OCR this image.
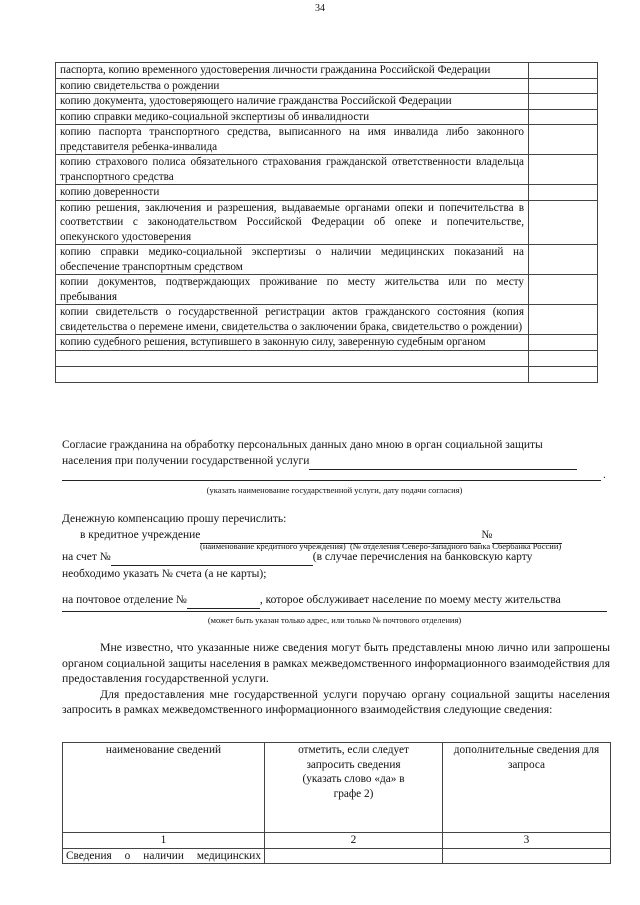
34
паспорта, копию временного удостоверения личности гражданина Российской Федерации	
копию свидетельства о рождении	
копию документа, удостоверяющего наличие гражданства Российской Федерации	
копию справки медико-социальной экспертизы об инвалидности	
копию паспорта транспортного средства, выписанного на имя инвалида либо законного представителя ребенка-инвалида	
копию страхового полиса обязательного страхования гражданской ответственности владельца транспортного средства	
копию доверенности	
копию решения, заключения и разрешения, выдаваемые органами опеки и попечительства в соответствии с законодательством Российской Федерации об опеке и попечительстве, опекунского удостоверения	
копию справки медико-социальной экспертизы о наличии медицинских показаний на обеспечение транспортным средством	
копии документов, подтверждающих проживание по месту жительства или по месту пребывания	
копии свидетельств о государственной регистрации актов гражданского состояния (копия свидетельства о перемене имени, свидетельства о заключении брака, свидетельство о рождении)	
копию судебного решения, вступившего в законную силу, заверенную судебным органом	

Согласие гражданина на обработку персональных данных дано мною в орган социальной защиты
населения при получении государственной услуги
.
(указать наименование государственной услуги, дату подачи согласия)
Денежную компенсацию прошу перечислить:
в кредитное учреждение	№
(наименование кредитного учреждения) (№ отделения Северо-Западного банка Сбербанка России)
на счет №	(в случае перечисления на банковскую карту
необходимо указать № счета (а не карты);
на почтовое отделение №	, которое обслуживает население по моему месту жительства
(может быть указан только адрес, или только № почтового отделения)

Мне известно, что указанные ниже сведения могут быть представлены мною лично или запрошены органом социальной защиты населения в рамках межведомственного информационного взаимодействия для предоставления государственной услуги.

Для предоставления мне государственной услуги поручаю органу социальной защиты населения запросить в рамках межведомственного информационного взаимодействия следующие сведения:

наименование сведений	отметить, если следует запросить сведения (указать слово «да» в графе 2)	дополнительные сведения для запроса

1	2	3
Сведения о наличии медицинских		
